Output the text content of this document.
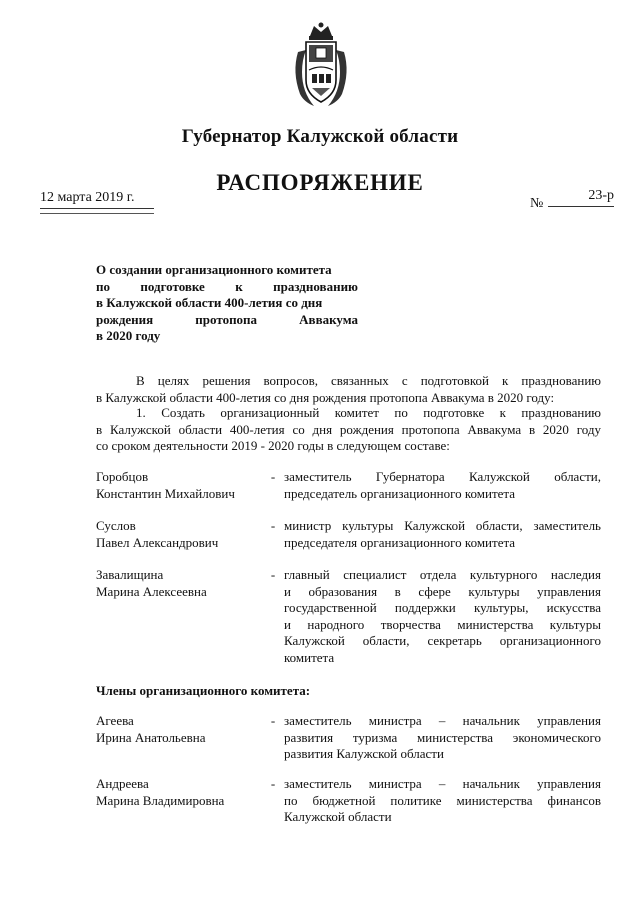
Губернатор Калужской области
РАСПОРЯЖЕНИЕ
12 марта 2019 г.	№
23-р
О создании организационного комитета
по подготовке к празднованию
в Калужской области 400-летия со дня
рождения протопопа Аввакума
в 2020 году
В целях решения вопросов, связанных с подготовкой к празднованию
в Калужской области 400-летия со дня рождения протопопа Аввакума в 2020 году:
1. Создать организационный комитет по подготовке к празднованию
в Калужской области 400-летия со дня рождения протопопа Аввакума в 2020 году
со сроком деятельности 2019 - 2020 годы в следующем составе:
Горобцов
Константин Михайлович
- заместитель Губернатора Калужской области,
председатель организационного комитета
Суслов
Павел Александрович
- министр культуры Калужской области, заместитель
председателя организационного комитета
Завалищина
Марина Алексеевна
- главный специалист отдела культурного наследия
и образования в сфере культуры управления
государственной поддержки культуры, искусства
и народного творчества министерства культуры
Калужской области, секретарь организационного
комитета
Члены организационного комитета:
Агеева
Ирина Анатольевна
- заместитель министра – начальник управления
развития туризма министерства экономического
развития Калужской области
Андреева
Марина Владимировна
- заместитель министра – начальник управления
по бюджетной политике министерства финансов
Калужской области
